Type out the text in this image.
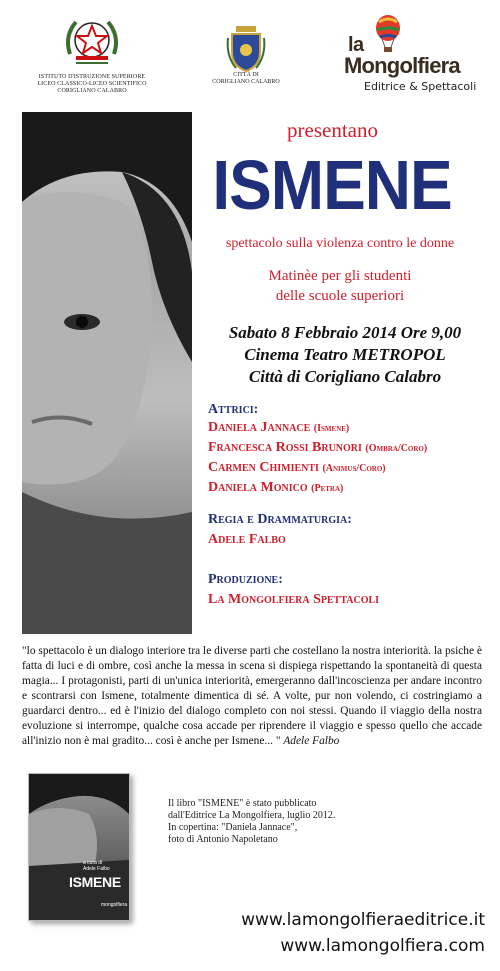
ISTITUTO D'ISTRUZIONE SUPERIORE
LICEO CLASSICO-LICEO SCIENTIFICO
CORIGLIANO CALABRO
CITTÀ DI
CORIGLIANO CALABRO
la
Mongolfiera
Editrice & Spettacoli
presentano
ISMENE
spettacolo sulla violenza contro le donne
Matinèe per gli studenti
delle scuole superiori
Sabato 8 Febbraio 2014 Ore 9,00
Cinema Teatro METROPOL
Città di Corigliano Calabro
Attrici:
Daniela Jannace (Ismene)
Francesca Rossi Brunori (Ombra/Coro)
Carmen Chimienti (Animus/Coro)
Daniela Monico (Petra)
Regia e Drammaturgia:
Adele Falbo
Produzione:
La Mongolfiera Spettacoli
"lo spettacolo è un dialogo interiore tra le diverse parti che costellano la nostra interiorità. la psiche è fatta di luci e di ombre, così anche la messa in scena si dispiega rispettando la spontaneità di questa magia... I protagonisti, parti di un'unica interiorità, emergeranno dall'incoscienza per andare incontro e scontrarsi con Ismene, totalmente dimentica di sé. A volte, pur non volendo, ci costringiamo a guardarci dentro... ed è l'inizio del dialogo completo con noi stessi. Quando il viaggio della nostra evoluzione si interrompe, qualche cosa accade per riprendere il viaggio e spesso quello che accade all'inizio non è mai gradito... così è anche per Ismene... " Adele Falbo
a cura di
Adele Falbo
ISMENE
mongolfiera
Il libro "ISMENE" è stato pubblicato
dall'Editrice La Mongolfiera, luglio 2012.
In copertina: "Daniela Jannace",
foto di Antonio Napoletano
www.lamongolfieraeditrice.it
www.lamongolfiera.com
